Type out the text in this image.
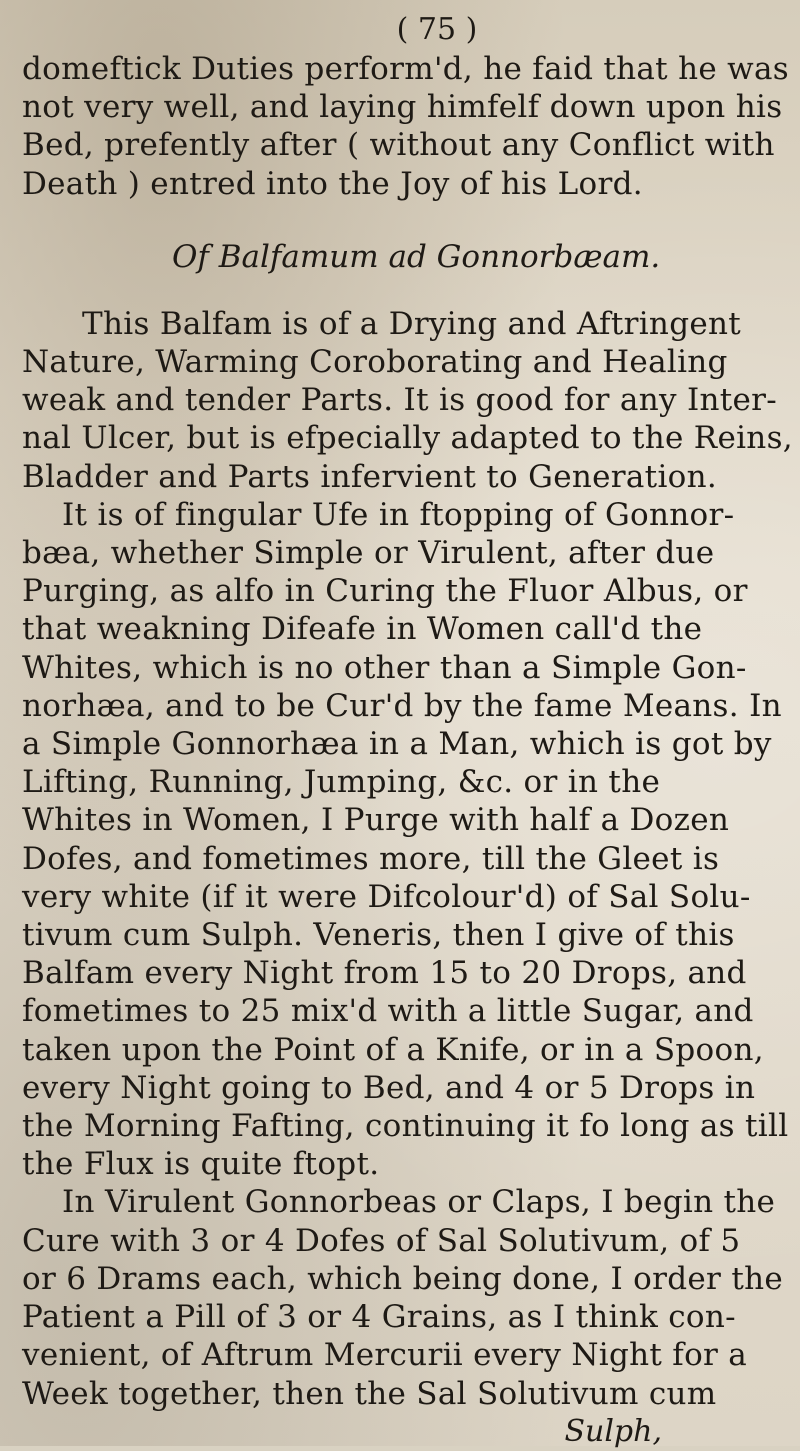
( 75 )
domeftick Duties perform'd, he faid that he was
not very well, and laying himfelf down upon his
Bed, prefently after ( without any Conflict with
Death ) entred into the Joy of his Lord.
Of Balfamum ad Gonnorbæam.
This Balfam is of a Drying and Aftringent
Nature, Warming Coroborating and Healing
weak and tender Parts. It is good for any Inter-
nal Ulcer, but is efpecially adapted to the Reins,
Bladder and Parts infervient to Generation.
It is of fingular Ufe in ftopping of Gonnor-
bæa, whether Simple or Virulent, after due
Purging, as alfo in Curing the Fluor Albus, or
that weakning Difeafe in Women call'd the
Whites, which is no other than a Simple Gon-
norhæa, and to be Cur'd by the fame Means. In
a Simple Gonnorhæa in a Man, which is got by
Lifting, Running, Jumping, &c. or in the
Whites in Women, I Purge with half a Dozen
Dofes, and fometimes more, till the Gleet is
very white (if it were Difcolour'd) of Sal Solu-
tivum cum Sulph. Veneris, then I give of this
Balfam every Night from 15 to 20 Drops, and
fometimes to 25 mix'd with a little Sugar, and
taken upon the Point of a Knife, or in a Spoon,
every Night going to Bed, and 4 or 5 Drops in
the Morning Fafting, continuing it fo long as till
the Flux is quite ftopt.
In Virulent Gonnorbeas or Claps, I begin the
Cure with 3 or 4 Dofes of Sal Solutivum, of 5
or 6 Drams each, which being done, I order the
Patient a Pill of 3 or 4 Grains, as I think con-
venient, of Aftrum Mercurii every Night for a
Week together, then the Sal Solutivum cum
Sulph,
